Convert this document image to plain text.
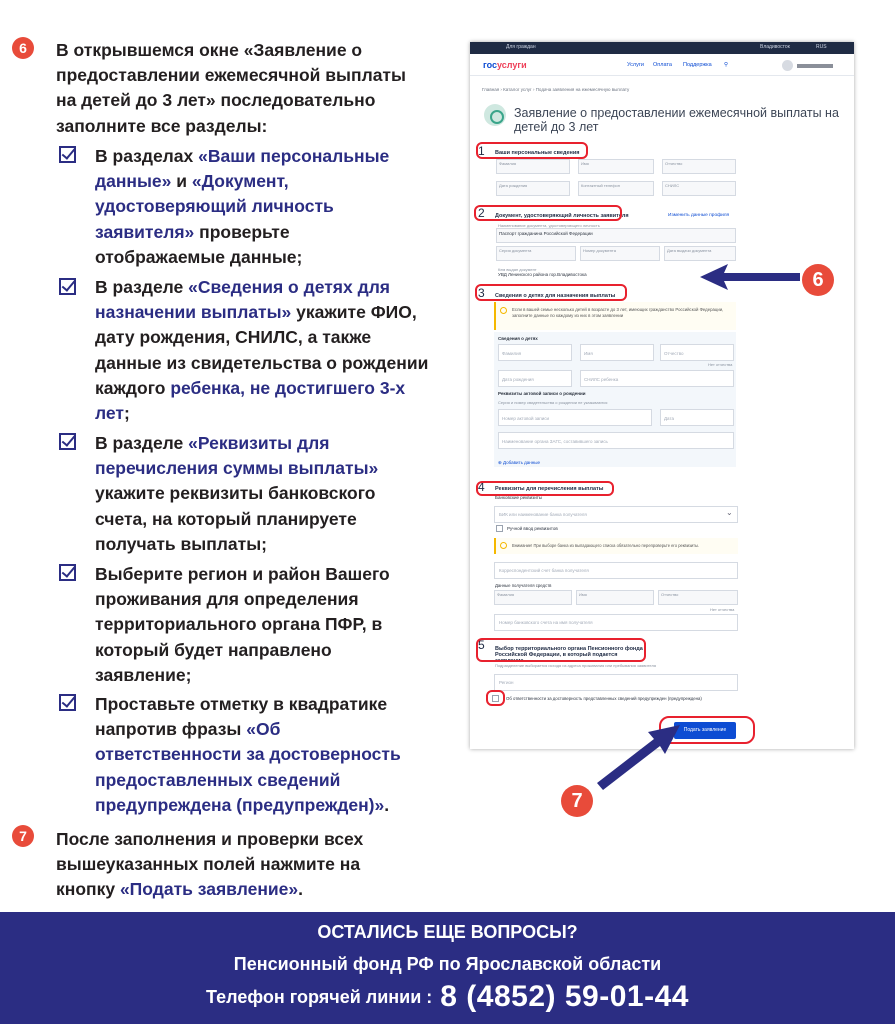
6	В открывшемся окне «Заявление о
предоставлении ежемесячной выплаты
на детей до 3 лет» последовательно
заполните все разделы:
В разделах «Ваши персональные
данные» и «Документ,
удостоверяющий личность
заявителя» проверьте
отображаемые данные;
В разделе «Сведения о детях для
назначении выплаты» укажите ФИО,
дату рождения, СНИЛС, а также
данные из свидетельства о рождении
каждого ребенка, не достигшего 3-х
лет;
В разделе «Реквизиты для
перечисления суммы выплаты»
укажите реквизиты банковского
счета, на который планируете
получать выплаты;
Выберите регион и район Вашего
проживания для определения
территориального органа ПФР, в
который будет направлено
заявление;
Проставьте отметку в квадратике
напротив фразы «Об
ответственности за достоверность
предоставленных сведений
предупреждена (предупрежден)».
7	После заполнения и проверки всех
вышеуказанных полей нажмите на
кнопку «Подать заявление».
Для граждан	Владивосток	RUS
госуслуги	Услуги Оплата Поддержка ⚲
Главная › Каталог услуг › Подача заявления на ежемесячную выплату
Заявление о предоставлении ежемесячной выплаты на детей до 3 лет
1 Ваши персональные сведения
Фамилия	Имя	Отчество
Дата рождения	Контактный телефон	СНИЛС
2 Документ, удостоверяющий личность заявителя	Изменить данные профиля
Наименование документа, удостоверяющего личность
Паспорт гражданина Российской Федерации
Серия документа	Номер документа	Дата выдачи документа
Кем выдан документ
УВД Ленинского района гор.Владивостока
3 Сведения о детях для назначения выплаты
Если в вашей семье несколько детей в возрасте до 3 лет, имеющих гражданство Российской Федерации, заполните данные по каждому из них в этом заявлении
Сведения о детях
Фамилия	Имя	Отчество
Нет отчества
Дата рождения	СНИЛС ребенка
Реквизиты актовой записи о рождении
Серия и номер свидетельства о рождении не указываются
Номер актовой записи	Дата
Наименование органа ЗАГС, составившего запись
⊕ Добавить данные
4 Реквизиты для перечисления выплаты
Банковские реквизиты
БИК или наименование банка получателя	⌄
Ручной ввод реквизитов
Внимание! При выборе банка из выпадающего списка обязательно перепроверьте его реквизиты.
Корреспондентский счет банка получателя
Данные получателя средств
Фамилия	Имя	Отчество
Нет отчества
Номер банковского счета на имя получателя
5 Выбор территориального органа Пенсионного фонда Российской Федерации, в который подается заявление
Подразделение выбирается исходя из адреса проживания или пребывания заявителя
Регион
Об ответственности за достоверность представленных сведений предупрежден (предупреждена)
Подать заявление
6
7
ОСТАЛИСЬ ЕЩЕ ВОПРОСЫ?
Пенсионный фонд РФ по Ярославской области
Телефон горячей линии : 8 (4852) 59-01-44
